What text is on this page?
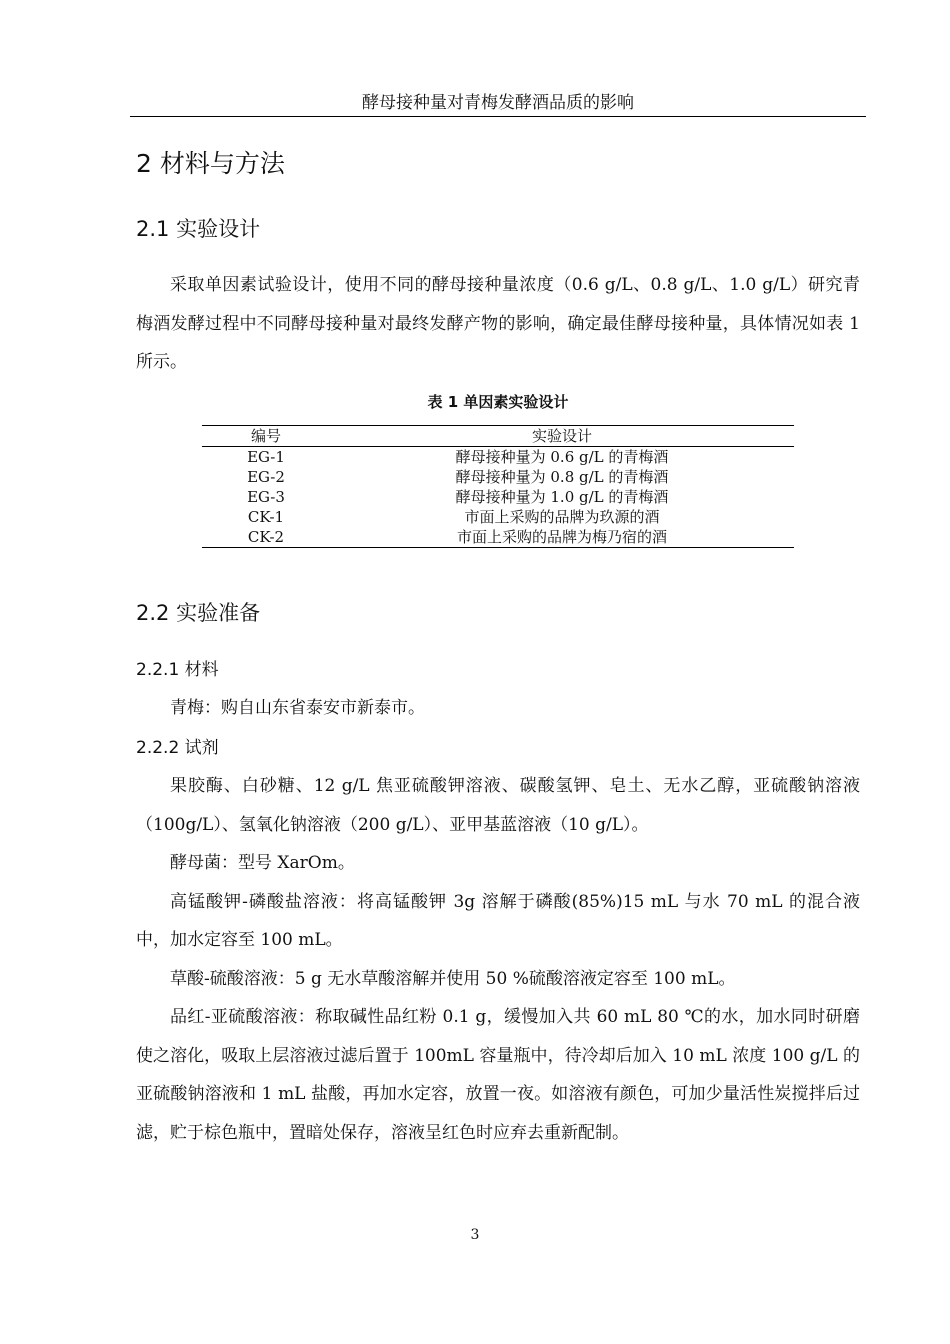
酵母接种量对青梅发酵酒品质的影响
2 材料与方法
2.1 实验设计

采取单因素试验设计，使用不同的酵母接种量浓度（0.6 g/L、0.8 g/L、1.0 g/L）研究青梅酒发酵过程中不同酵母接种量对最终发酵产物的影响，确定最佳酵母接种量，具体情况如表 1 所示。

表 1 单因素实验设计
编号	实验设计
EG-1	酵母接种量为 0.6 g/L 的青梅酒
EG-2	酵母接种量为 0.8 g/L 的青梅酒
EG-3	酵母接种量为 1.0 g/L 的青梅酒
CK-1	市面上采购的品牌为玖源的酒
CK-2	市面上采购的品牌为梅乃宿的酒
2.2 实验准备
2.2.1 材料

青梅：购自山东省泰安市新泰市。

2.2.2 试剂

果胶酶、白砂糖、12 g/L 焦亚硫酸钾溶液、碳酸氢钾、皂土、无水乙醇，亚硫酸钠溶液（100g/L）、氢氧化钠溶液（200 g/L）、亚甲基蓝溶液（10 g/L）。

酵母菌：型号 XarOm。

高锰酸钾-磷酸盐溶液：将高锰酸钾 3g 溶解于磷酸(85%)15 mL 与水 70 mL 的混合液中，加水定容至 100 mL。

草酸-硫酸溶液：5 g 无水草酸溶解并使用 50 %硫酸溶液定容至 100 mL。

品红-亚硫酸溶液：称取碱性品红粉 0.1 g，缓慢加入共 60 mL 80 ℃的水，加水同时研磨使之溶化，吸取上层溶液过滤后置于 100mL 容量瓶中，待冷却后加入 10 mL 浓度 100 g/L 的亚硫酸钠溶液和 1 mL 盐酸，再加水定容，放置一夜。如溶液有颜色，可加少量活性炭搅拌后过滤，贮于棕色瓶中，置暗处保存，溶液呈红色时应弃去重新配制。

3
